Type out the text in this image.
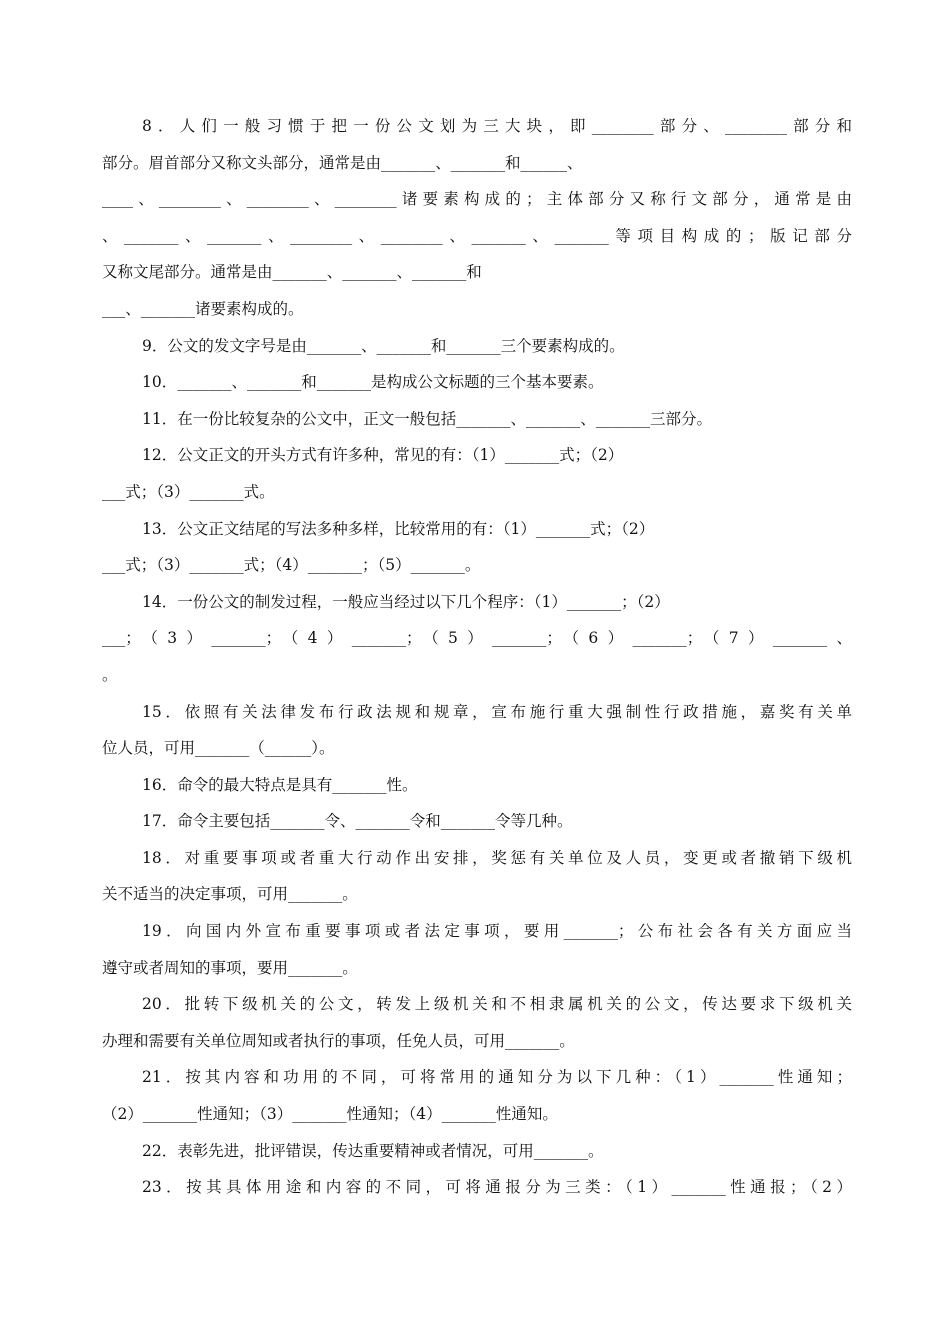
8．人们一般习惯于把一份公文划为三大块，即________部分、________部分和
部分。眉首部分又称文头部分，通常是由_______、_______和______、
____、________、________、________诸要素构成的；主体部分又称行文部分，通常是由
、_______、_______、________、________、_______、_______等项目构成的；版记部分
又称文尾部分。通常是由_______、_______、_______和
___、_______诸要素构成的。
9．公文的发文字号是由_______、_______和_______三个要素构成的。
10．_______、_______和_______是构成公文标题的三个基本要素。
11．在一份比较复杂的公文中，正文一般包括_______、_______、_______三部分。
12．公文正文的开头方式有许多种，常见的有：（1）_______式；（2）
___式；（3）_______式。
13．公文正文结尾的写法多种多样，比较常用的有：（1）_______式；（2）
___式；（3）_______式；（4）_______；（5）_______。
14．一份公文的制发过程，一般应当经过以下几个程序：（1）_______；（2）
___；（3）_______；（4）_______；（5）_______；（6）_______；（7）_______、
。
15．依照有关法律发布行政法规和规章，宣布施行重大强制性行政措施，嘉奖有关单
位人员，可用_______（______）。
16．命令的最大特点是具有_______性。
17．命令主要包括_______令、_______令和_______令等几种。
18．对重要事项或者重大行动作出安排，奖惩有关单位及人员，变更或者撤销下级机
关不适当的决定事项，可用_______。
19．向国内外宣布重要事项或者法定事项，要用_______；公布社会各有关方面应当
遵守或者周知的事项，要用_______。
20．批转下级机关的公文，转发上级机关和不相隶属机关的公文，传达要求下级机关
办理和需要有关单位周知或者执行的事项，任免人员，可用_______。
21．按其内容和功用的不同，可将常用的通知分为以下几种：（1）_______性通知；
（2）_______性通知；（3）_______性通知；（4）_______性通知。
22．表彰先进，批评错误，传达重要精神或者情况，可用_______。
23．按其具体用途和内容的不同，可将通报分为三类：（1）_______性通报；（2）
